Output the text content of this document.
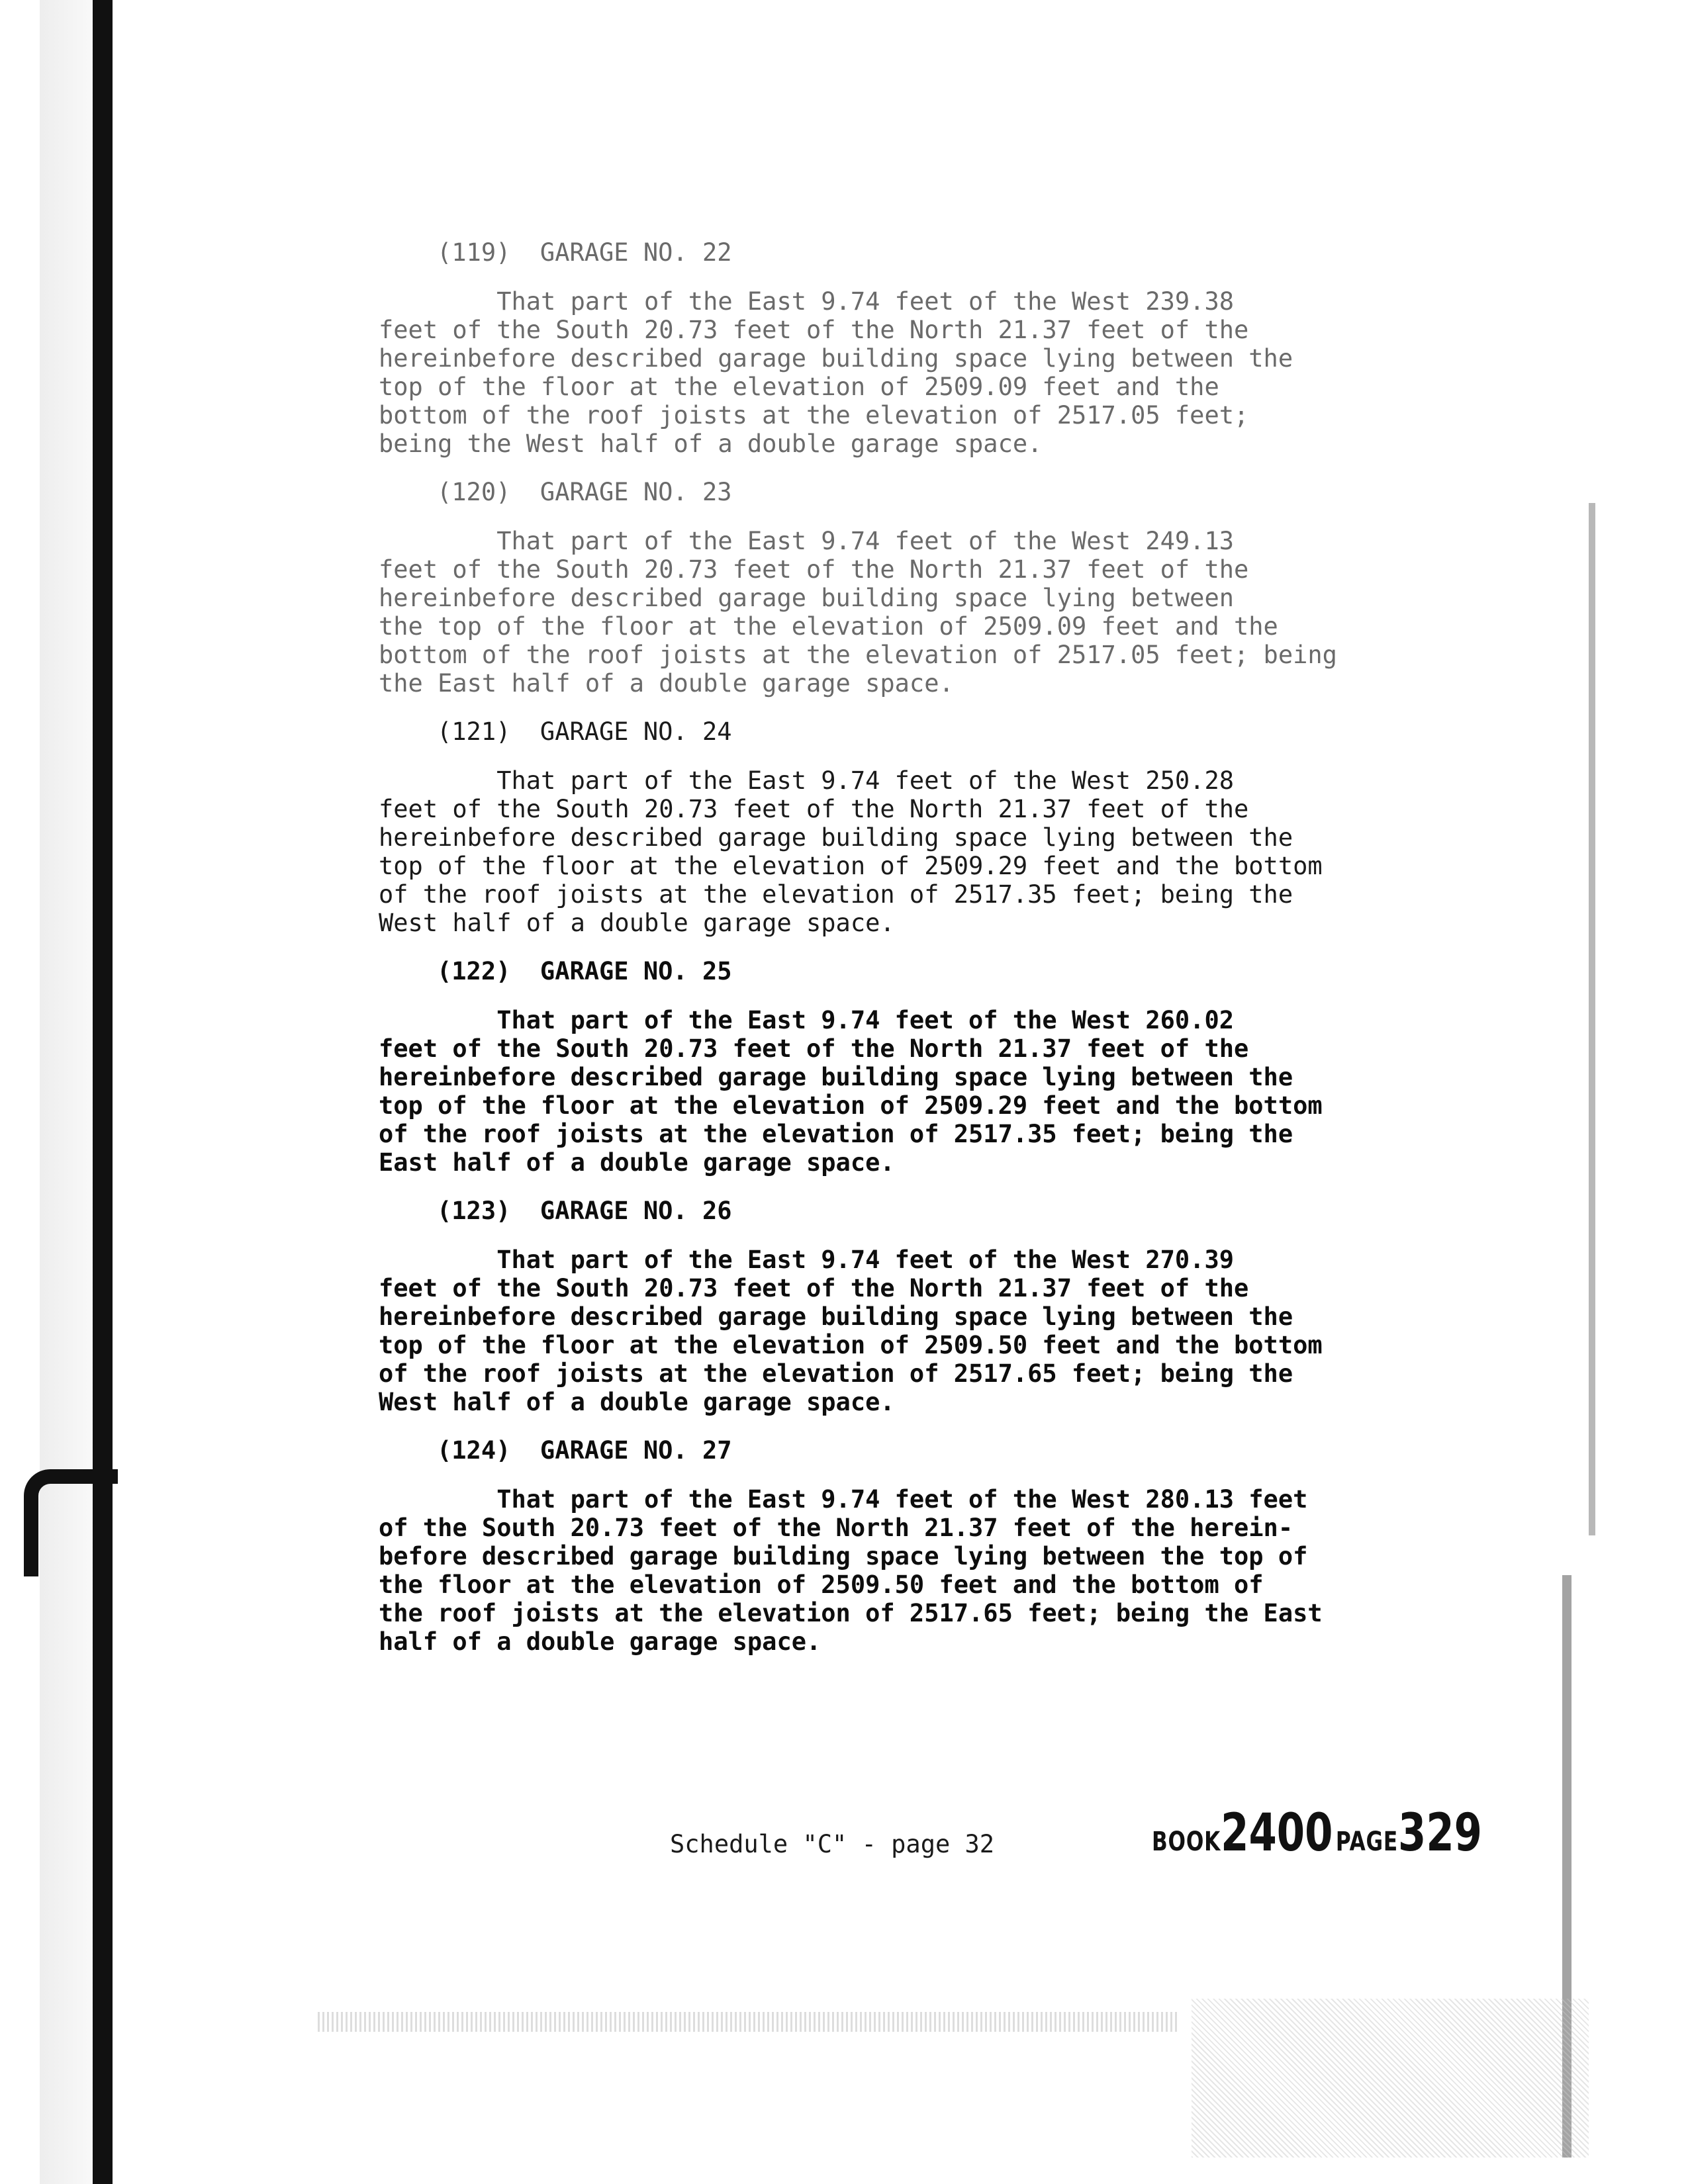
(119)  GARAGE NO. 22
That part of the East 9.74 feet of the West 239.38
feet of the South 20.73 feet of the North 21.37 feet of the
hereinbefore described garage building space lying between the
top of the floor at the elevation of 2509.09 feet and the
bottom of the roof joists at the elevation of 2517.05 feet;
being the West half of a double garage space.
(120)  GARAGE NO. 23
That part of the East 9.74 feet of the West 249.13
feet of the South 20.73 feet of the North 21.37 feet of the
hereinbefore described garage building space lying between
the top of the floor at the elevation of 2509.09 feet and the
bottom of the roof joists at the elevation of 2517.05 feet; being
the East half of a double garage space.
(121)  GARAGE NO. 24
That part of the East 9.74 feet of the West 250.28
feet of the South 20.73 feet of the North 21.37 feet of the
hereinbefore described garage building space lying between the
top of the floor at the elevation of 2509.29 feet and the bottom
of the roof joists at the elevation of 2517.35 feet; being the
West half of a double garage space.
(122)  GARAGE NO. 25
That part of the East 9.74 feet of the West 260.02
feet of the South 20.73 feet of the North 21.37 feet of the
hereinbefore described garage building space lying between the
top of the floor at the elevation of 2509.29 feet and the bottom
of the roof joists at the elevation of 2517.35 feet; being the
East half of a double garage space.
(123)  GARAGE NO. 26
That part of the East 9.74 feet of the West 270.39
feet of the South 20.73 feet of the North 21.37 feet of the
hereinbefore described garage building space lying between the
top of the floor at the elevation of 2509.50 feet and the bottom
of the roof joists at the elevation of 2517.65 feet; being the
West half of a double garage space.
(124)  GARAGE NO. 27
That part of the East 9.74 feet of the West 280.13 feet
of the South 20.73 feet of the North 21.37 feet of the herein-
before described garage building space lying between the top of
the floor at the elevation of 2509.50 feet and the bottom of
the roof joists at the elevation of 2517.65 feet; being the East
half of a double garage space.
Schedule "C" - page 32	BOOK2400 PAGE329
